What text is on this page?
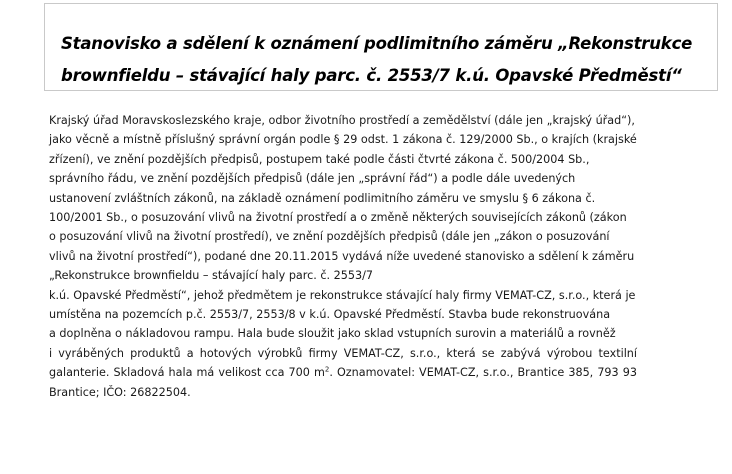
Stanovisko a sdělení k oznámení podlimitního záměru „Rekonstrukce
brownfieldu – stávající haly parc. č. 2553/7 k.ú. Opavské Předměstí“
Krajský úřad Moravskoslezského kraje, odbor životního prostředí a zemědělství (dále jen „krajský úřad“), jako věcně a místně příslušný správní orgán podle § 29 odst. 1 zákona č. 129/2000 Sb., o krajích (krajské zřízení), ve znění pozdějších předpisů, postupem také podle části čtvrté zákona č. 500/2004 Sb., správního řádu, ve znění pozdějších předpisů (dále jen „správní řád“) a podle dále uvedených ustanovení zvláštních zákonů, na základě oznámení podlimitního záměru ve smyslu § 6 zákona č. 100/2001 Sb., o posuzování vlivů na životní prostředí a o změně některých souvisejících zákonů (zákon o posuzování vlivů na životní prostředí), ve znění pozdějších předpisů (dále jen „zákon o posuzování vlivů na životní prostředí“), podané dne 20.11.2015 vydává níže uvedené stanovisko a sdělení k záměru „Rekonstrukce brownfieldu – stávající haly parc. č. 2553/7
k.ú. Opavské Předměstí“, jehož předmětem je rekonstrukce stávající haly firmy VEMAT-CZ, s.r.o., která je umístěna na pozemcích p.č. 2553/7, 2553/8 v k.ú. Opavské Předměstí. Stavba bude rekonstruována
a doplněna o nákladovou rampu. Hala bude sloužit jako sklad vstupních surovin a materiálů a rovněž
i vyráběných produktů a hotových výrobků firmy VEMAT-CZ, s.r.o., která se zabývá výrobou textilní galanterie. Skladová hala má velikost cca 700 $m^2$. Oznamovatel: VEMAT-CZ, s.r.o., Brantice 385, 793 93 Brantice; IČO: 26822504.
